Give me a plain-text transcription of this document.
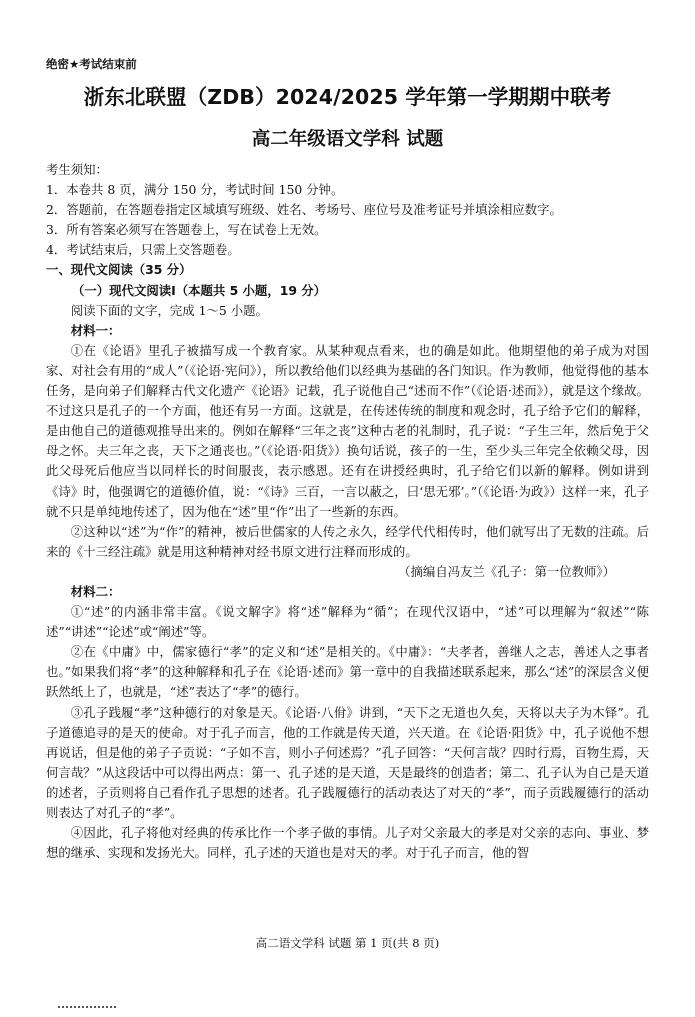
绝密★考试结束前
浙东北联盟（ZDB）2024/2025 学年第一学期期中联考
高二年级语文学科 试题

考生须知：

1．本卷共 8 页，满分 150 分，考试时间 150 分钟。

2．答题前，在答题卷指定区域填写班级、姓名、考场号、座位号及准考证号并填涂相应数字。

3．所有答案必须写在答题卷上，写在试卷上无效。

4．考试结束后，只需上交答题卷。

一、现代文阅读（35 分）

（一）现代文阅读Ⅰ（本题共 5 小题，19 分）

阅读下面的文字，完成 1～5 小题。

材料一：

①在《论语》里孔子被描写成一个教育家。从某种观点看来，也的确是如此。他期望他的弟子成为对国家、对社会有用的“成人”（《论语·宪问》），所以教给他们以经典为基础的各门知识。作为教师，他觉得他的基本任务，是向弟子们解释古代文化遗产《论语》记载，孔子说他自己“述而不作”（《论语·述而》），就是这个缘故。不过这只是孔子的一个方面，他还有另一方面。这就是，在传述传统的制度和观念时，孔子给予它们的解释，是由他自己的道德观推导出来的。例如在解释“三年之丧”这种古老的礼制时，孔子说：“子生三年，然后免于父母之怀。夫三年之丧，天下之通丧也。”（《论语·阳货》）换句话说，孩子的一生，至少头三年完全依赖父母，因此父母死后他应当以同样长的时间服丧，表示感恩。还有在讲授经典时，孔子给它们以新的解释。例如讲到《诗》时，他强调它的道德价值，说：“《诗》三百，一言以蔽之，曰‘思无邪’。”（《论语·为政》）这样一来，孔子就不只是单纯地传述了，因为他在“述”里“作”出了一些新的东西。

②这种以“述”为“作”的精神，被后世儒家的人传之永久，经学代代相传时，他们就写出了无数的注疏。后来的《十三经注疏》就是用这种精神对经书原文进行注释而形成的。

（摘编自冯友兰《孔子：第一位教师》）

材料二：

①“述”的内涵非常丰富。《说文解字》将“述”解释为“循”；在现代汉语中，“述”可以理解为“叙述”“陈述”“讲述”“论述”或“阐述”等。

②在《中庸》中，儒家德行“孝”的定义和“述”是相关的。《中庸》：“夫孝者，善继人之志，善述人之事者也。”如果我们将“孝”的这种解释和孔子在《论语·述而》第一章中的自我描述联系起来，那么“述”的深层含义便跃然纸上了，也就是，“述”表达了“孝”的德行。

③孔子践履“孝”这种德行的对象是天。《论语·八佾》讲到，“天下之无道也久矣，天将以夫子为木铎”。孔子道德追寻的是天的使命。对于孔子而言，他的工作就是传天道，兴天道。在《论语·阳货》中，孔子说他不想再说话，但是他的弟子子贡说：“子如不言，则小子何述焉？”孔子回答：“天何言哉？四时行焉，百物生焉，天何言哉？”从这段话中可以得出两点：第一、孔子述的是天道，天是最终的创造者；第二、孔子认为自己是天道的述者，子贡则将自己看作孔子思想的述者。孔子践履德行的活动表达了对天的“孝”，而子贡践履德行的活动则表达了对孔子的“孝”。

④因此，孔子将他对经典的传承比作一个孝子做的事情。儿子对父亲最大的孝是对父亲的志向、事业、梦想的继承、实现和发扬光大。同样，孔子述的天道也是对天的孝。对于孔子而言，他的智

高二语文学科 试题 第 1 页(共 8 页)
